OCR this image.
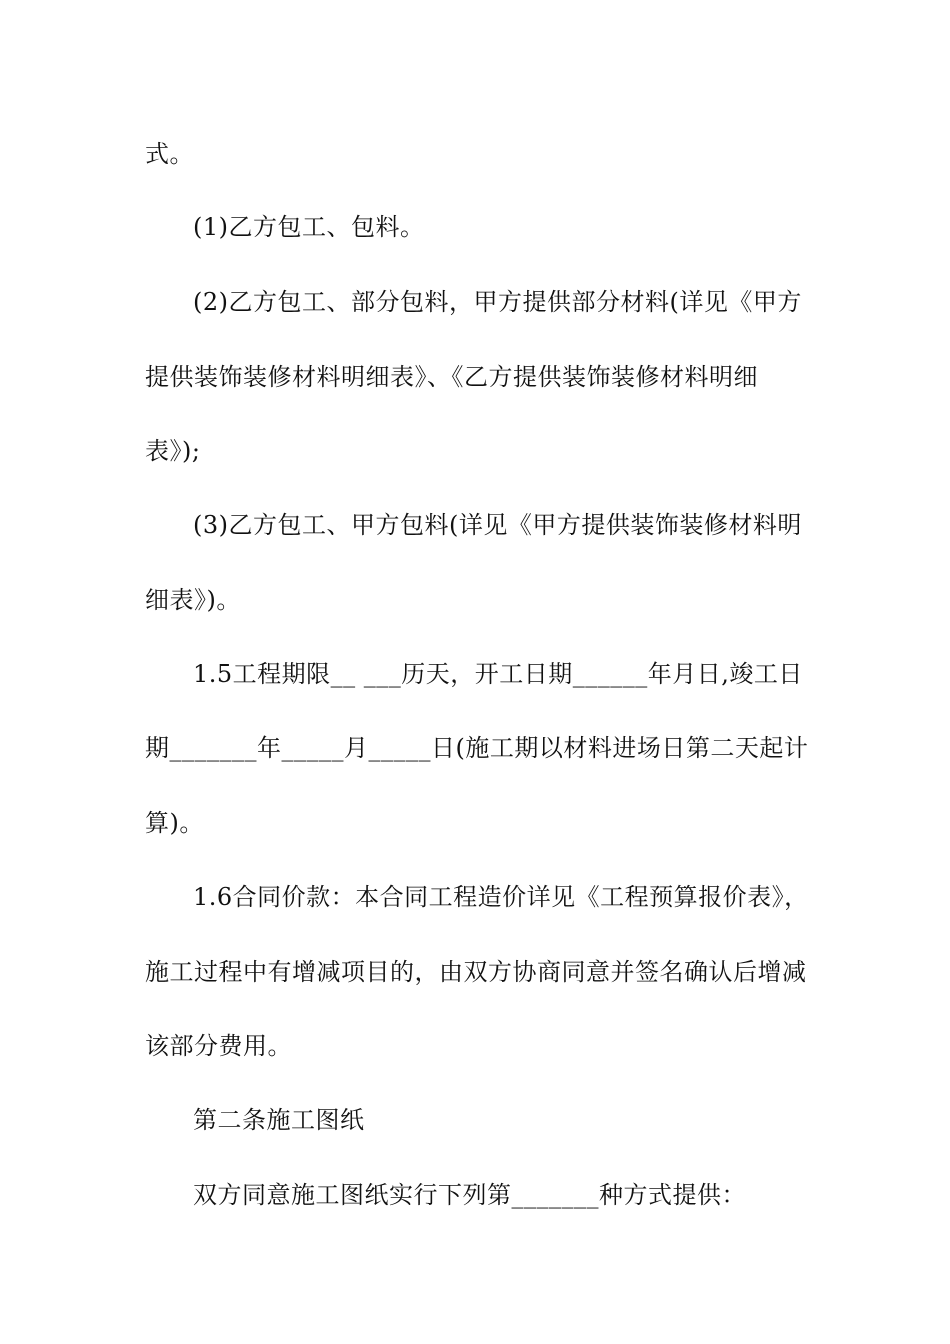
式。
(1)乙方包工、包料。
(2)乙方包工、部分包料，甲方提供部分材料(详见《甲方
提供装饰装修材料明细表》、《乙方提供装饰装修材料明细
表》);
(3)乙方包工、甲方包料(详见《甲方提供装饰装修材料明
细表》)。
1.5工程期限__ ___历天，开工日期______年月日,竣工日
期_______年_____月_____日(施工期以材料进场日第二天起计
算)。
1.6合同价款：本合同工程造价详见《工程预算报价表》，
施工过程中有增减项目的，由双方协商同意并签名确认后增减
该部分费用。
第二条施工图纸
双方同意施工图纸实行下列第_______种方式提供：
